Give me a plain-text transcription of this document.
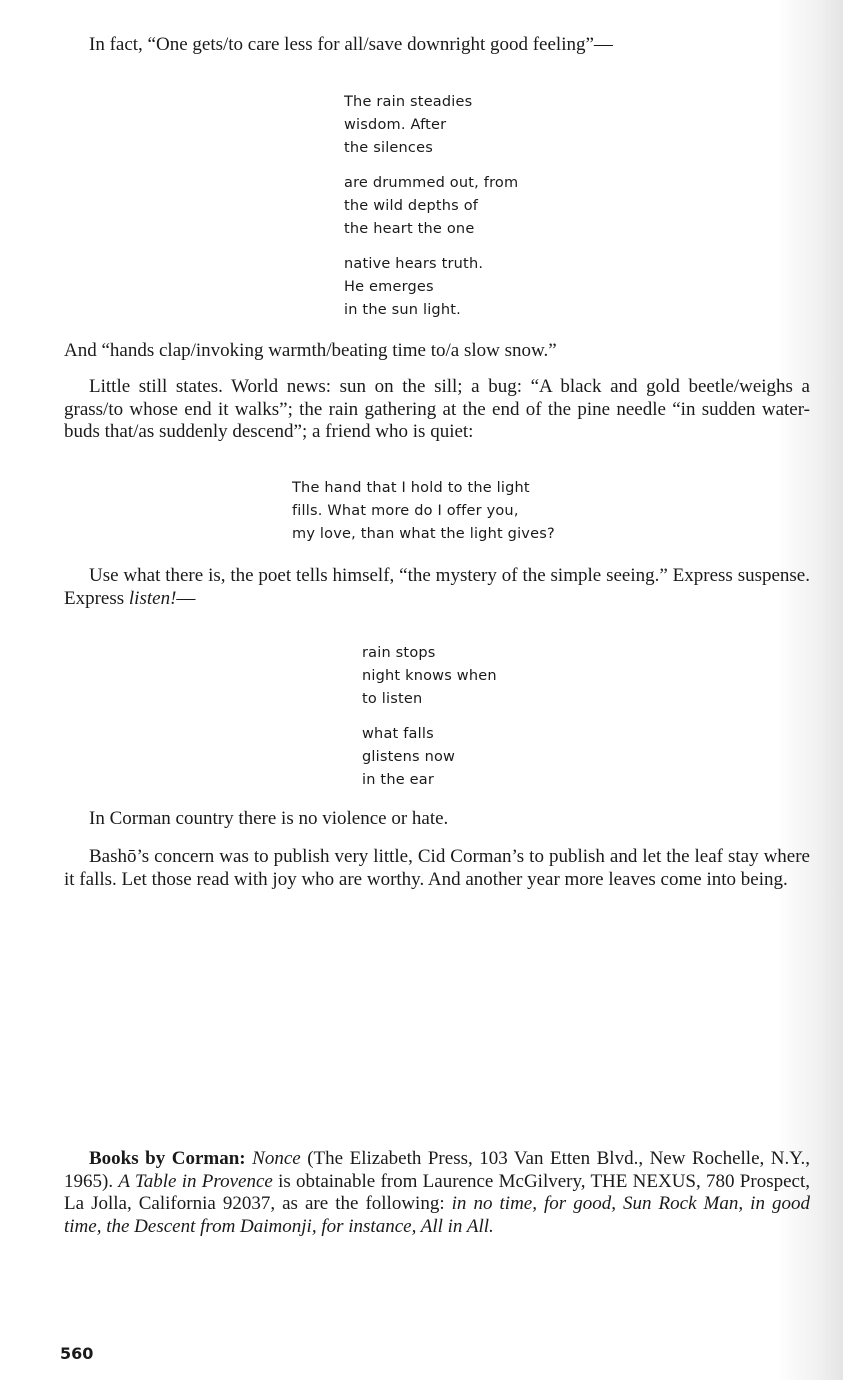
In fact, “One gets/to care less for all/save downright good feeling”—

The rain steadies
wisdom. After
the silences
are drummed out, from
the wild depths of
the heart the one
native hears truth.
He emerges
in the sun light.

And “hands clap/invoking warmth/beating time to/a slow snow.”

Little still states. World news: sun on the sill; a bug: “A black and gold beetle/weighs a grass/to whose end it walks”; the rain gathering at the end of the pine needle “in sudden water-buds that/as suddenly descend”; a friend who is quiet:

The hand that I hold to the light
fills. What more do I offer you,
my love, than what the light gives?

Use what there is, the poet tells himself, “the mystery of the simple seeing.” Express suspense. Express listen!—

rain stops
night knows when
to listen
what falls
glistens now
in the ear

In Corman country there is no violence or hate.

Bashō’s concern was to publish very little, Cid Corman’s to publish and let the leaf stay where it falls. Let those read with joy who are worthy. And another year more leaves come into being.

Books by Corman: Nonce (The Elizabeth Press, 103 Van Etten Blvd., New Rochelle, N.Y., 1965). A Table in Provence is obtainable from Laurence McGilvery, THE NEXUS, 780 Prospect, La Jolla, California 92037, as are the following: in no time, for good, Sun Rock Man, in good time, the Descent from Daimonji, for instance, All in All.

560
